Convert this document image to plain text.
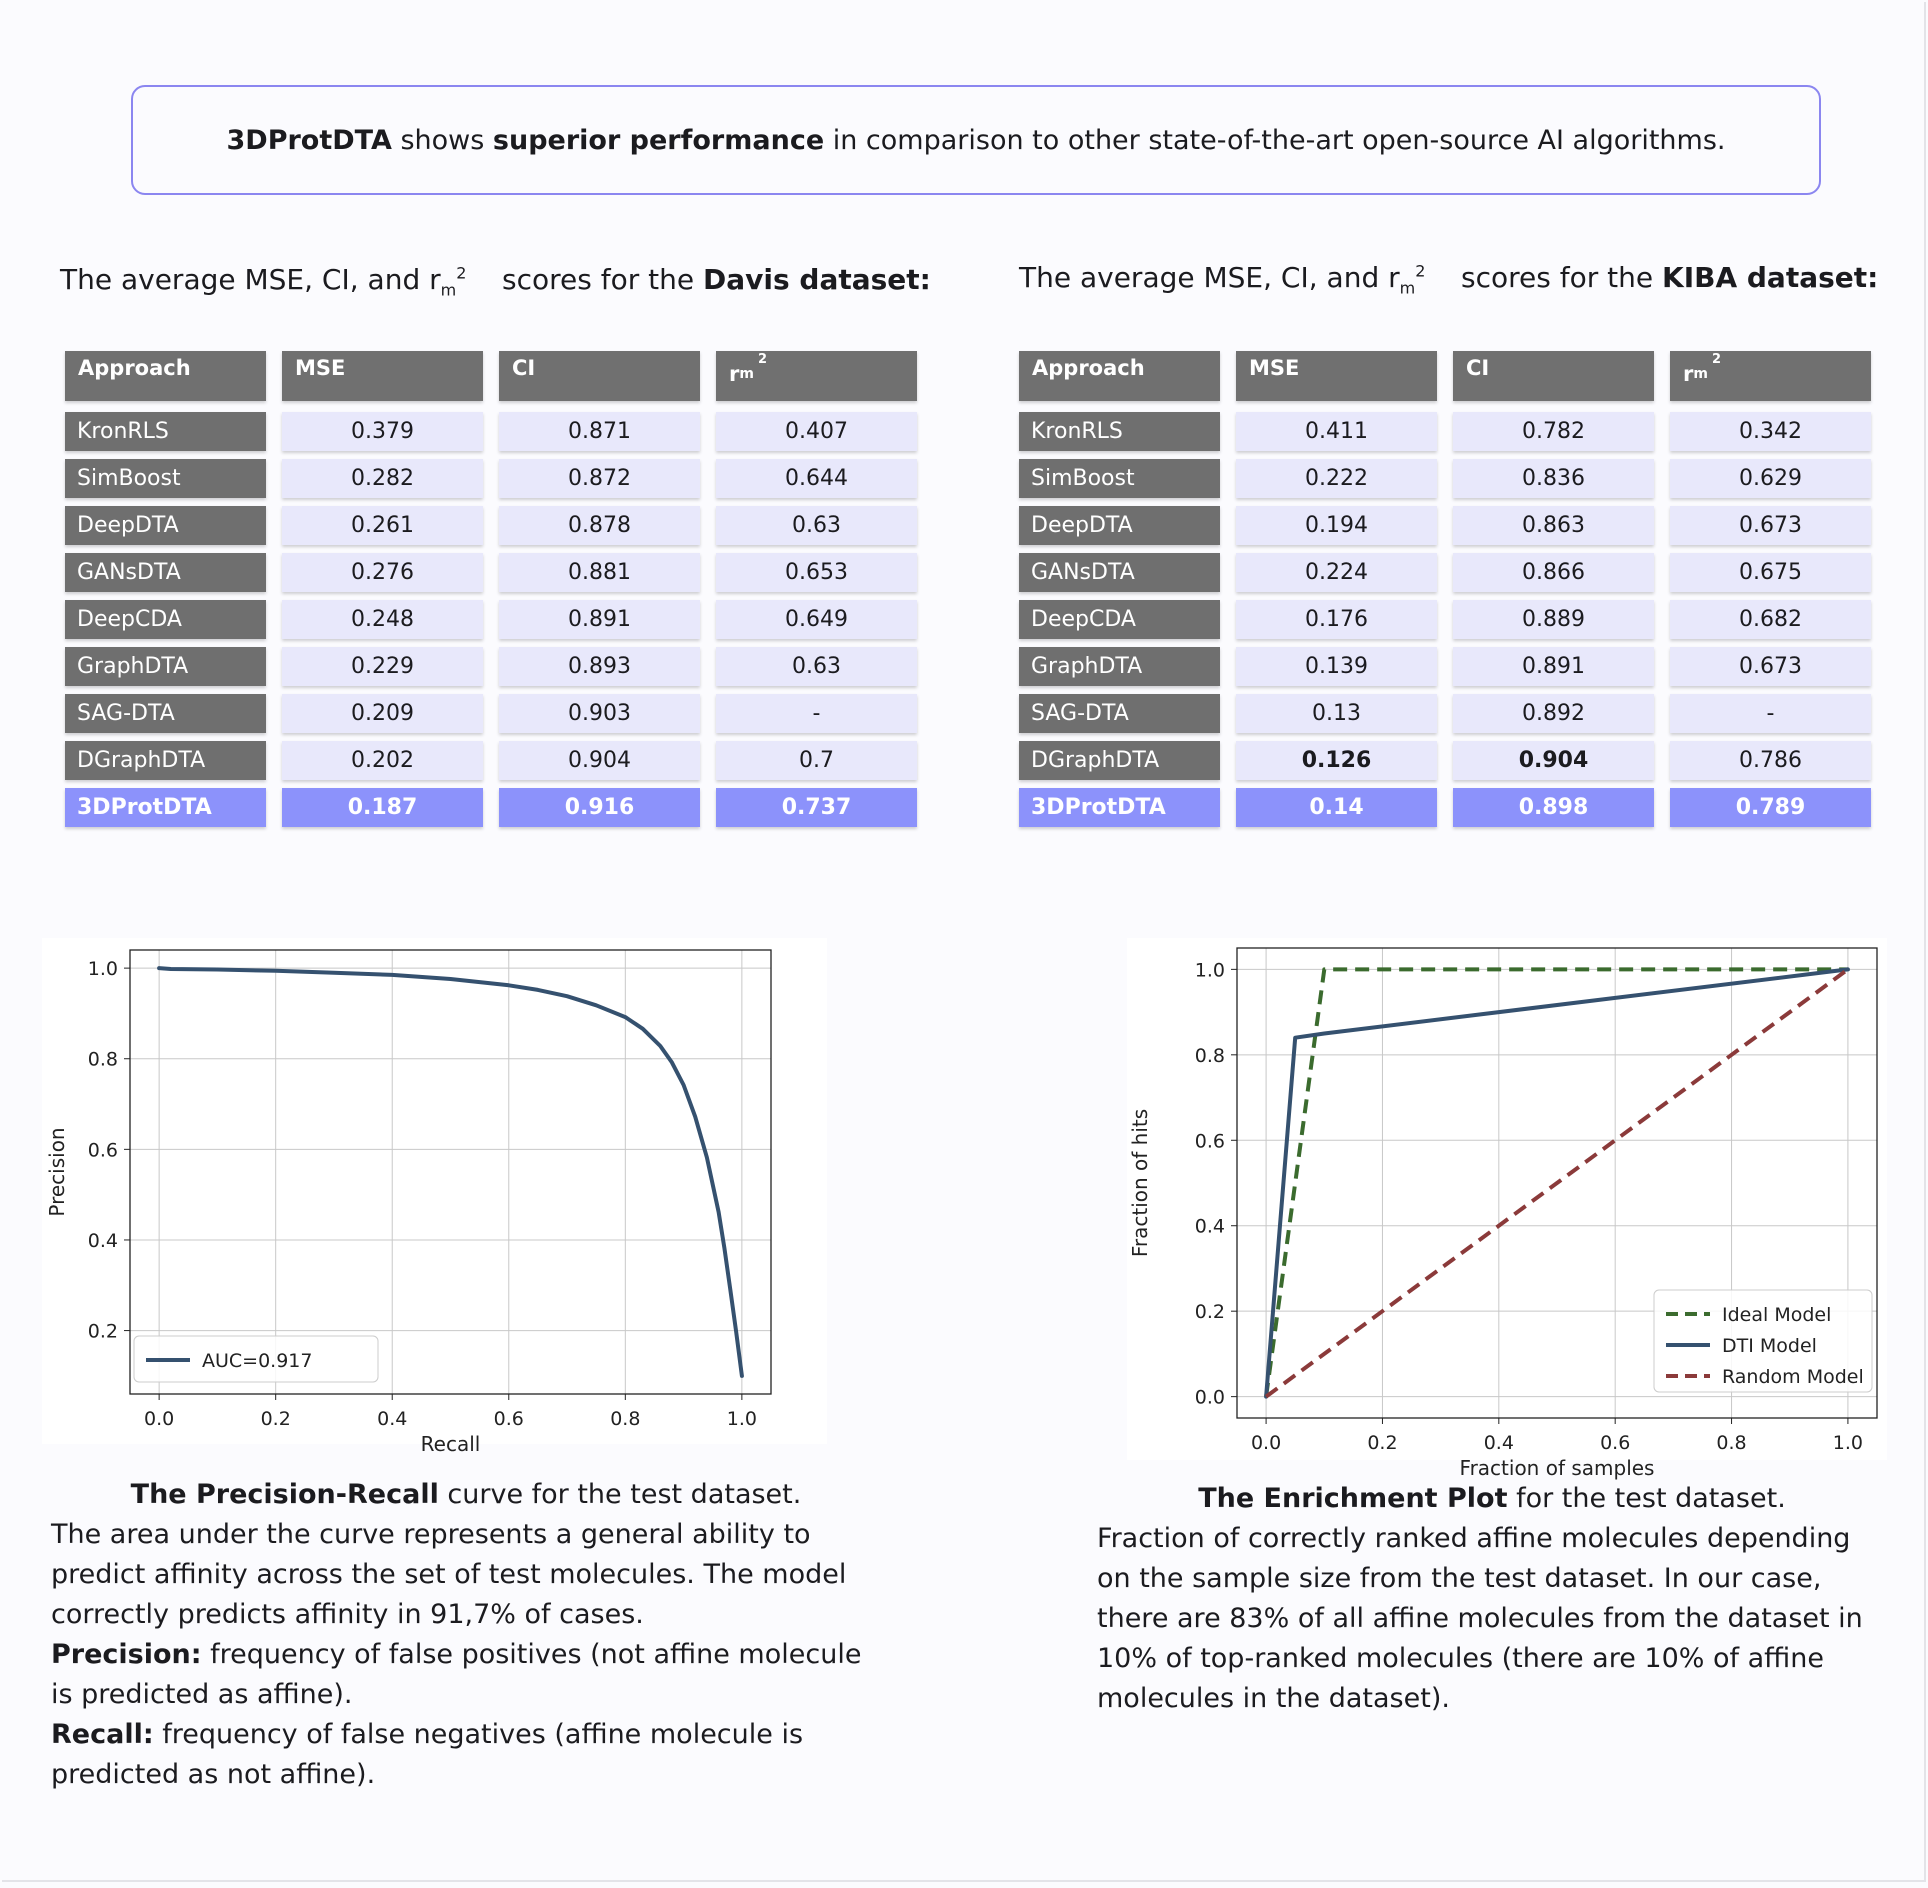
3DProtDTA shows superior performance in comparison to other state-of-the-art open-source AI algorithms.
The average MSE, CI, and $r_m^2$ scores for the Davis dataset:	The average MSE, CI, and $r_m^2$ scores for the KIBA dataset:
Approach	MSE	CI	r m
2
KronRLS	0.379	0.871	0.407
SimBoost	0.282	0.872	0.644
DeepDTA	0.261	0.878	0.63
GANsDTA	0.276	0.881	0.653
DeepCDA	0.248	0.891	0.649
GraphDTA	0.229	0.893	0.63
SAG-DTA	0.209	0.903	-
DGraphDTA	0.202	0.904	0.7
3DProtDTA	0.187	0.916	0.737
Approach	MSE	CI	r m
2
KronRLS	0.411	0.782	0.342
SimBoost	0.222	0.836	0.629
DeepDTA	0.194	0.863	0.673
GANsDTA	0.224	0.866	0.675
DeepCDA	0.176	0.889	0.682
GraphDTA	0.139	0.891	0.673
SAG-DTA	0.13	0.892	-
DGraphDTA	0.126	0.904	0.786
3DProtDTA	0.14	0.898	0.789
0.0	0.2	0.4	0.6	0.8	1.0
0.2
0.4
0.6
0.8
1.0
Recall
Precision
AUC=0.917
0.0	0.2	0.4	0.6	0.8	1.0
0.0
0.2
0.4
0.6
0.8
1.0
Fraction of samples
Fraction of hits
Ideal Model
DTI Model
Random Model
The Precision-Recall curve for the test dataset.
The area under the curve represents a general ability to predict affinity across the set of test molecules. The model correctly predicts affinity in 91,7% of cases.
Precision: frequency of false positives (not affine molecule is predicted as affine).
Recall: frequency of false negatives (affine molecule is predicted as not affine).
The Enrichment Plot for the test dataset.
Fraction of correctly ranked affine molecules depending on the sample size from the test dataset. In our case, there are 83% of all affine molecules from the dataset in 10% of top-ranked molecules (there are 10% of affine molecules in the dataset).
